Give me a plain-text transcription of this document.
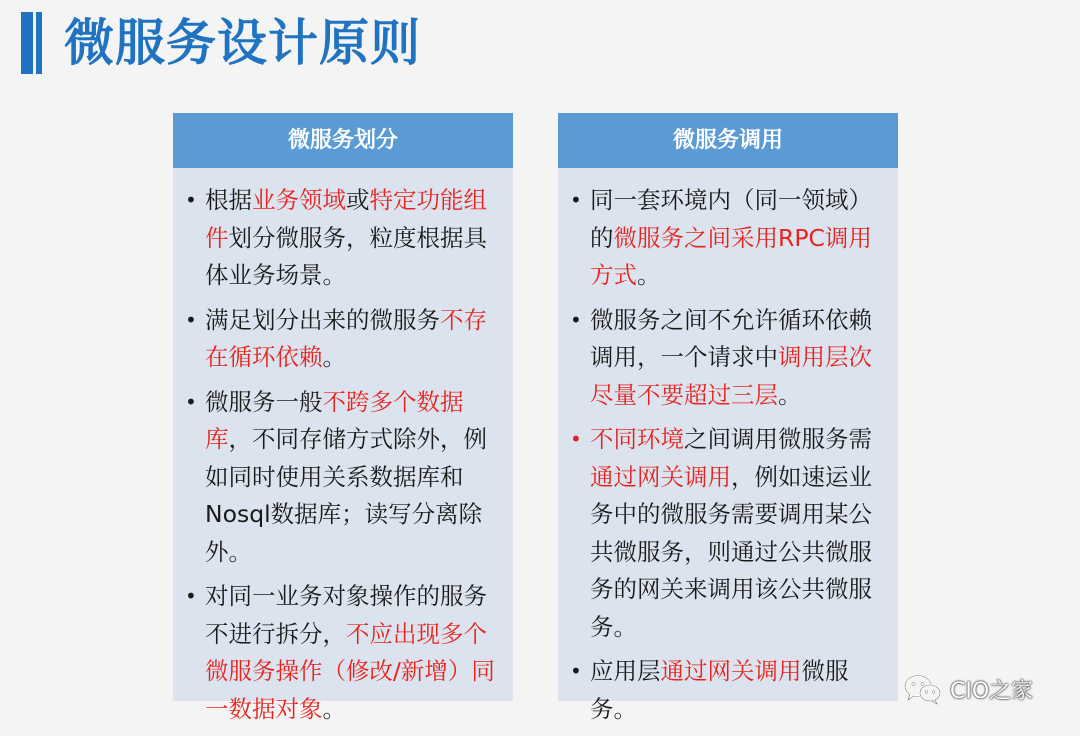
微服务设计原则
微服务划分
• 根据业务领域或特定功能组件划分微服务，粒度根据具体业务场景。
• 满足划分出来的微服务不存在循环依赖。
• 微服务一般不跨多个数据库，不同存储方式除外，例如同时使用关系数据库和Nosql数据库；读写分离除外。
• 对同一业务对象操作的服务不进行拆分，不应出现多个微服务操作（修改/新增）同一数据对象。
微服务调用
• 同一套环境内（同一领域）的微服务之间采用RPC调用方式。
• 微服务之间不允许循环依赖调用，一个请求中调用层次尽量不要超过三层。
• 不同环境之间调用微服务需通过网关调用，例如速运业务中的微服务需要调用某公共微服务，则通过公共微服务的网关来调用该公共微服务。
• 应用层通过网关调用微服务。
CIO之家
